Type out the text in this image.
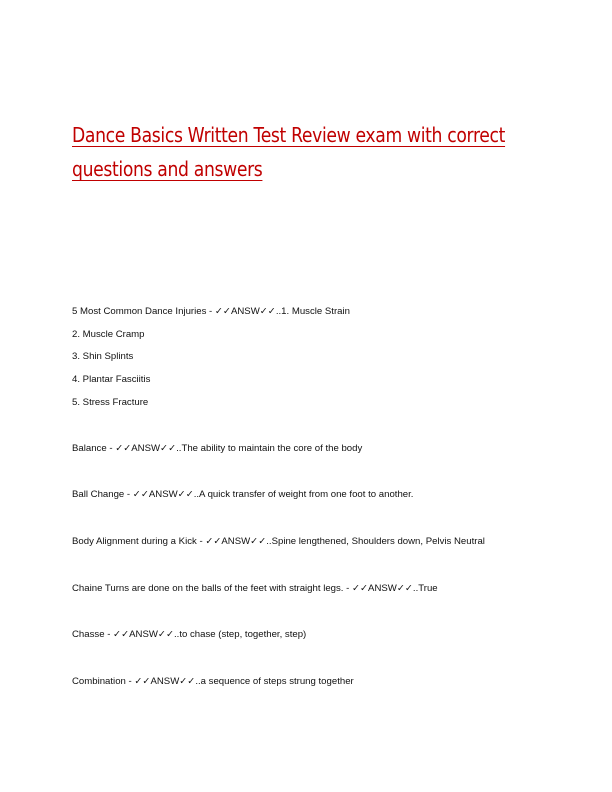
Dance Basics Written Test Review exam with correct
questions and answers

5 Most Common Dance Injuries - ✓✓ANSW✓✓..1. Muscle Strain

2. Muscle Cramp

3. Shin Splints

4. Plantar Fasciitis

5. Stress Fracture

Balance - ✓✓ANSW✓✓..The ability to maintain the core of the body

Ball Change - ✓✓ANSW✓✓..A quick transfer of weight from one foot to another.

Body Alignment during a Kick - ✓✓ANSW✓✓..Spine lengthened, Shoulders down, Pelvis Neutral

Chaine Turns are done on the balls of the feet with straight legs. - ✓✓ANSW✓✓..True

Chasse - ✓✓ANSW✓✓..to chase (step, together, step)

Combination - ✓✓ANSW✓✓..a sequence of steps strung together
